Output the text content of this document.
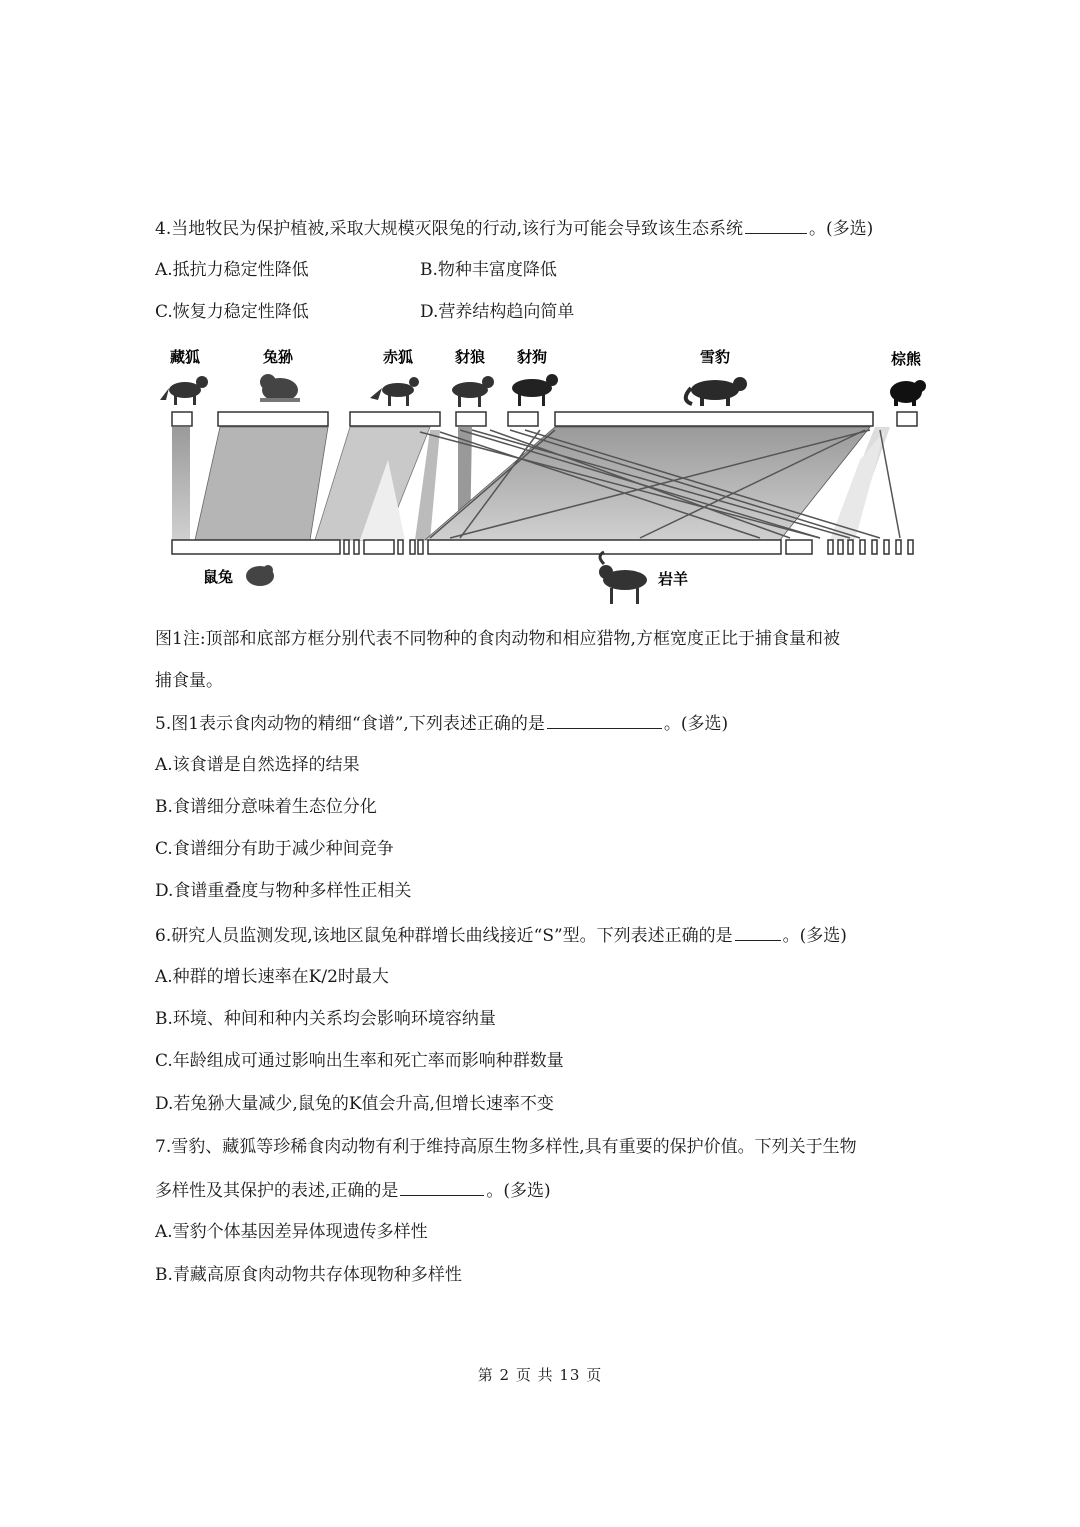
4.当地牧民为保护植被,采取大规模灭限兔的行动,该行为可能会导致该生态系统	。(多选)
A.抵抗力稳定性降低	B.物种丰富度降低
C.恢复力稳定性降低	D.营养结构趋向简单
藏狐	兔狲	赤狐	豺狼 豺狗	雪豹	棕熊
鼠兔	岩羊
图1注:顶部和底部方框分别代表不同物种的食肉动物和相应猎物,方框宽度正比于捕食量和被
捕食量。
5.图1表示食肉动物的精细“食谱”,下列表述正确的是	。(多选)
A.该食谱是自然选择的结果
B.食谱细分意味着生态位分化
C.食谱细分有助于减少种间竞争
D.食谱重叠度与物种多样性正相关
6.研究人员监测发现,该地区鼠兔种群增长曲线接近“S”型。下列表述正确的是	。(多选)
A.种群的增长速率在K/2时最大
B.环境、种间和种内关系均会影响环境容纳量
C.年龄组成可通过影响出生率和死亡率而影响种群数量
D.若兔狲大量减少,鼠兔的K值会升高,但增长速率不变
7.雪豹、藏狐等珍稀食肉动物有利于维持高原生物多样性,具有重要的保护价值。下列关于生物
多样性及其保护的表述,正确的是	。(多选)
A.雪豹个体基因差异体现遗传多样性
B.青藏高原食肉动物共存体现物种多样性
第 2 页 共 13 页
